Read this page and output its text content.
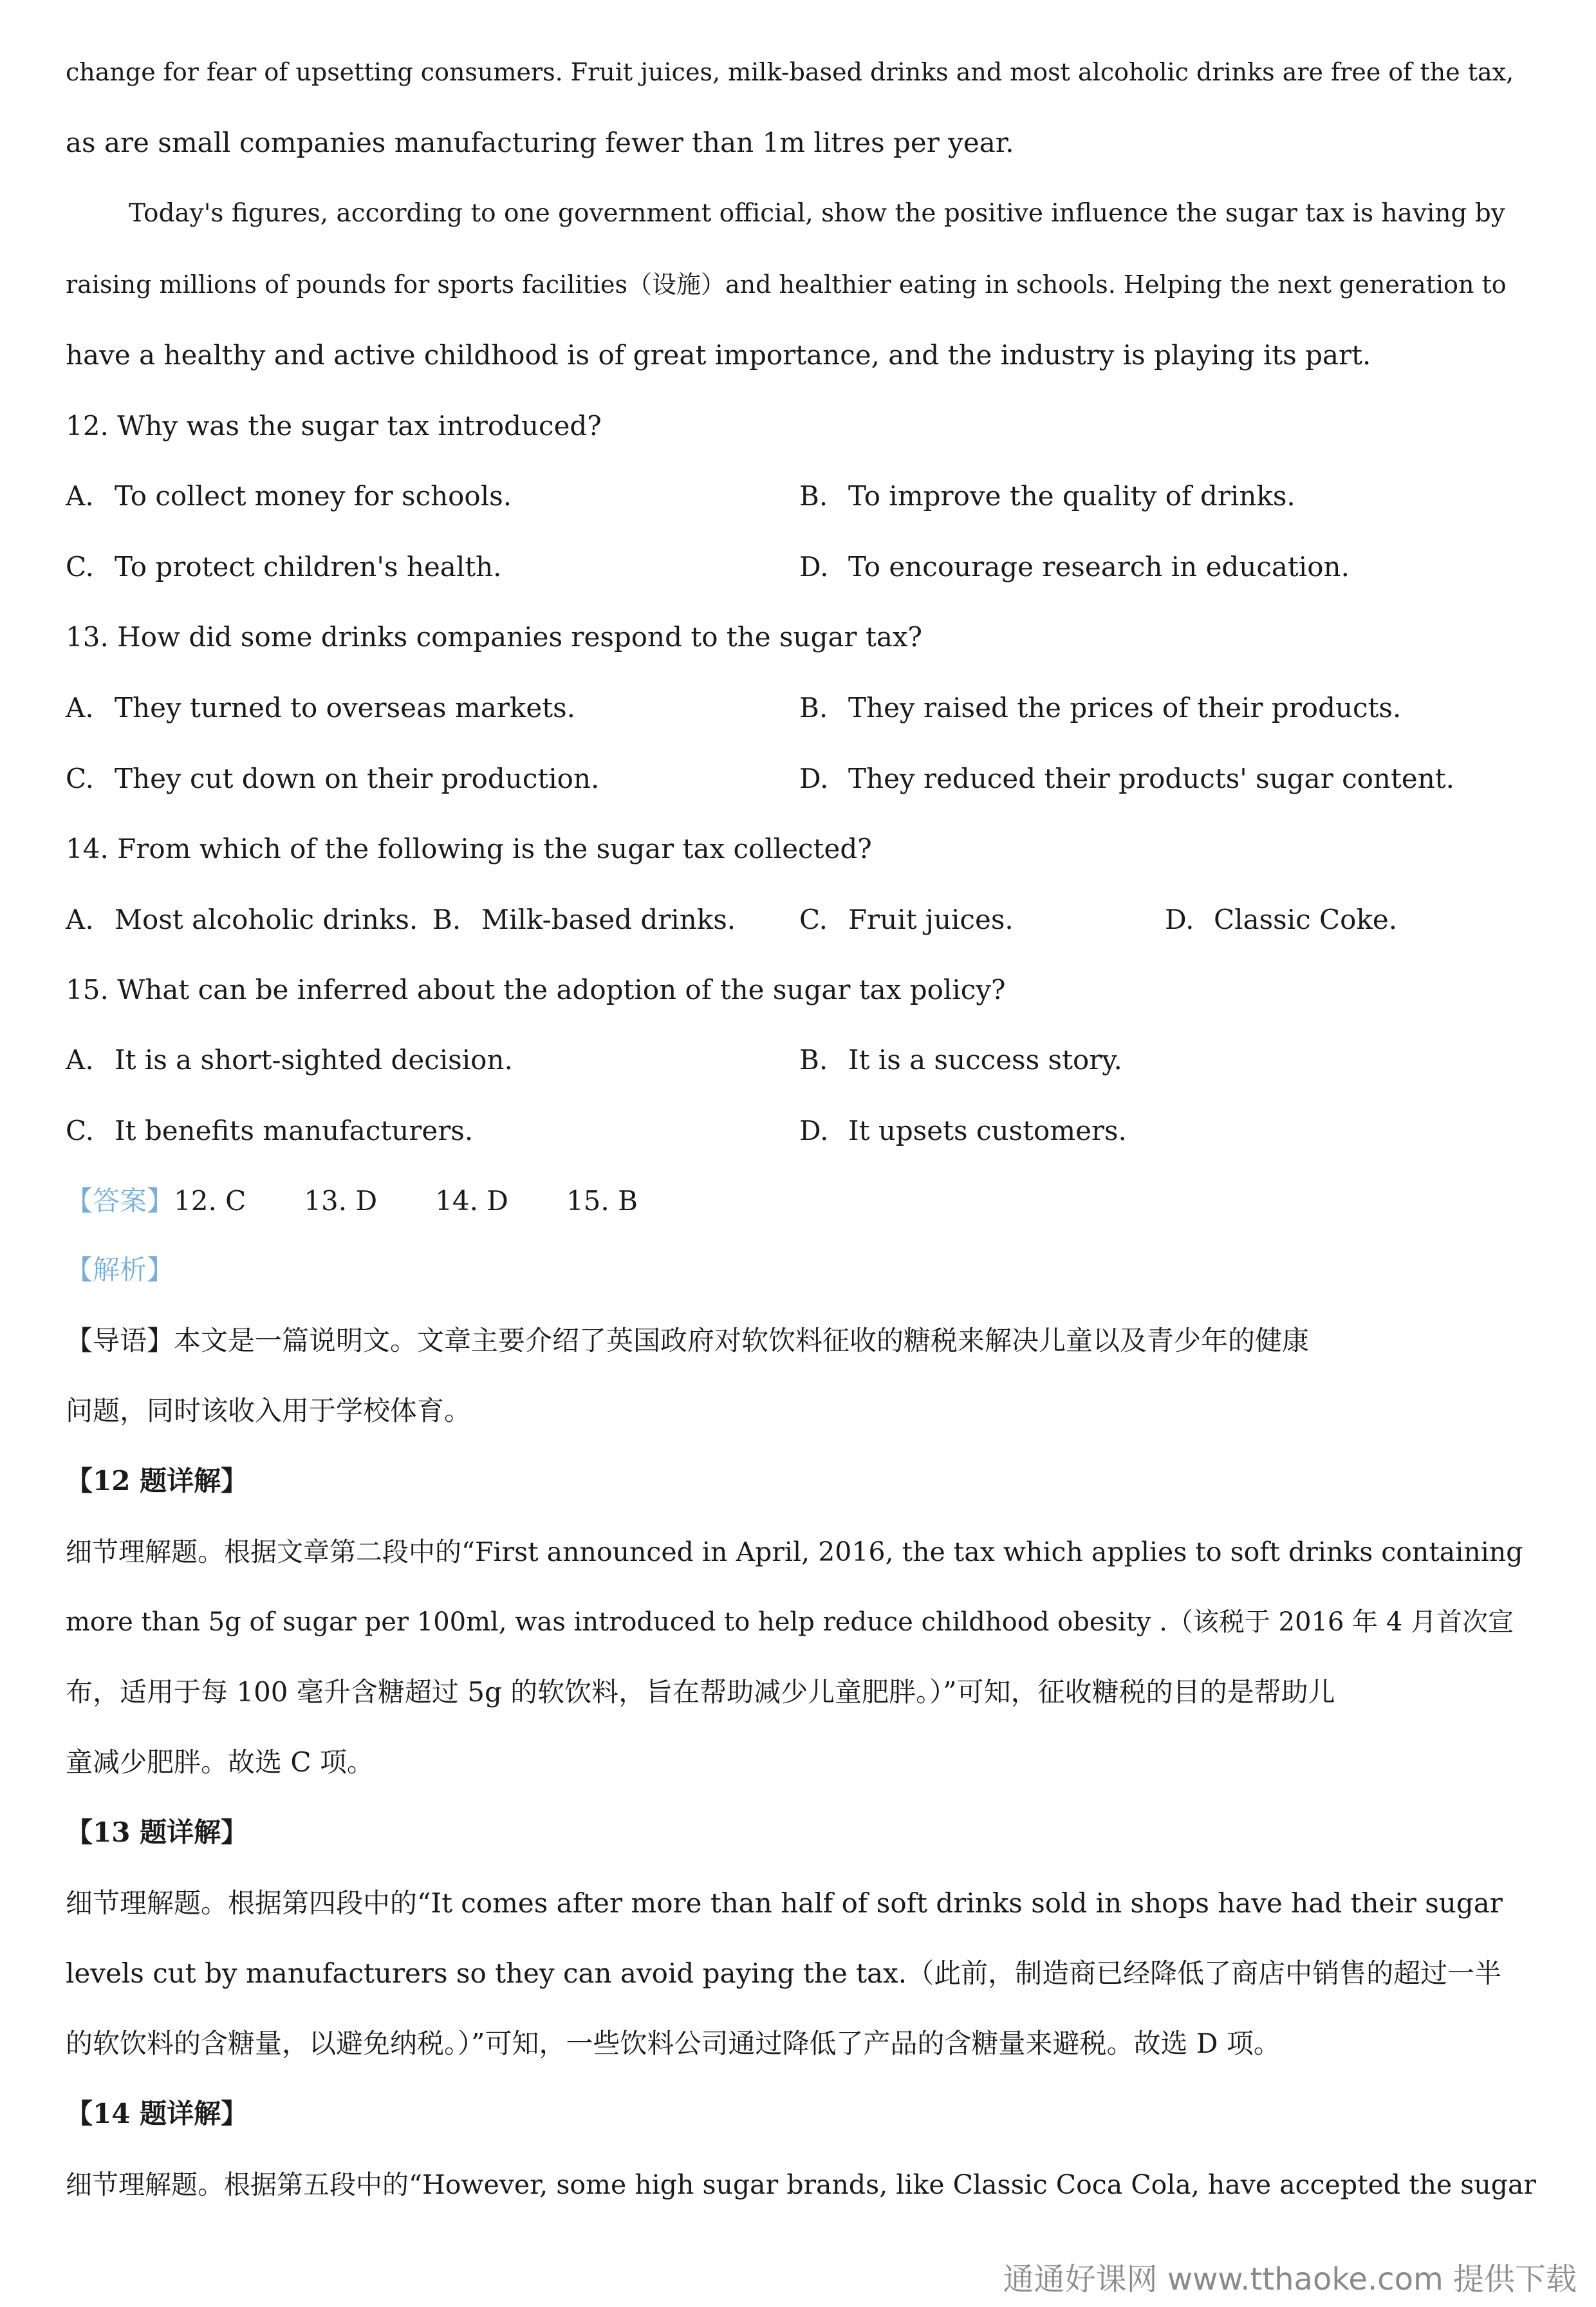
change for fear of upsetting consumers. Fruit juices, milk-based drinks and most alcoholic drinks are free of the tax,
as are small companies manufacturing fewer than 1m litres per year.
Today's figures, according to one government official, show the positive influence the sugar tax is having by
raising millions of pounds for sports facilities（设施）and healthier eating in schools. Helping the next generation to
have a healthy and active childhood is of great importance, and the industry is playing its part.
12. Why was the sugar tax introduced?
A. To collect money for schools.	B. To improve the quality of drinks.
C. To protect children's health.	D. To encourage research in education.
13. How did some drinks companies respond to the sugar tax?
A. They turned to overseas markets.	B. They raised the prices of their products.
C. They cut down on their production.	D. They reduced their products' sugar content.
14. From which of the following is the sugar tax collected?
A. Most alcoholic drinks. B. Milk-based drinks. C. Fruit juices.	D. Classic Coke.
15. What can be inferred about the adoption of the sugar tax policy?
A. It is a short-sighted decision.	B. It is a success story.
C. It benefits manufacturers.	D. It upsets customers.
【答案】12. C 13. D 14. D 15. B
【解析】
【导语】本文是一篇说明文。文章主要介绍了英国政府对软饮料征收的糖税来解决儿童以及青少年的健康
问题，同时该收入用于学校体育。
【12 题详解】
细节理解题。根据文章第二段中的“First announced in April, 2016, the tax which applies to soft drinks containing
more than 5g of sugar per 100ml, was introduced to help reduce childhood obesity .（该税于 2016 年 4 月首次宣
布，适用于每 100 毫升含糖超过 5g 的软饮料，旨在帮助减少儿童肥胖。）”可知，征收糖税的目的是帮助儿
童减少肥胖。故选 C 项。
【13 题详解】
细节理解题。根据第四段中的“It comes after more than half of soft drinks sold in shops have had their sugar
levels cut by manufacturers so they can avoid paying the tax.（此前，制造商已经降低了商店中销售的超过一半
的软饮料的含糖量，以避免纳税。）”可知，一些饮料公司通过降低了产品的含糖量来避税。故选 D 项。
【14 题详解】
细节理解题。根据第五段中的“However, some high sugar brands, like Classic Coca Cola, have accepted the sugar
通通好课网 www.tthaoke.com 提供下载
